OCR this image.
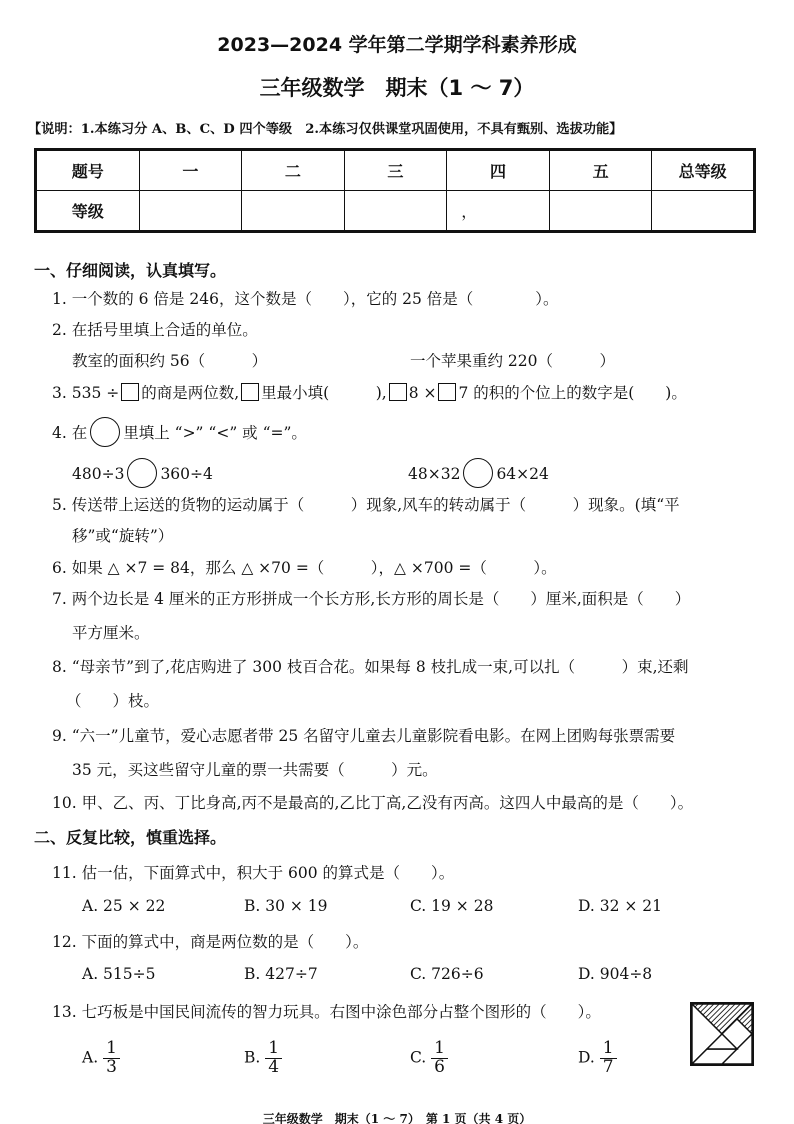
2023—2024 学年第二学期学科素养形成
三年级数学　期末（1 ～ 7）
【说明：1.本练习分 A、B、C、D 四个等级　2.本练习仅供课堂巩固使用，不具有甄别、选拔功能】
题号	一	二	三	四	五	总等级
等级				，		
一、仔细阅读，认真填写。
1. 一个数的 6 倍是 246，这个数是（　　），它的 25 倍是（　　　　）。
2. 在括号里填上合适的单位。
教室的面积约 56（　　　）	一个苹果重约 220（　　　）
3. 535 ÷ 的商是两位数, 里最小填(　　　), 8 × 7 的积的个位上的数字是(　　)。
4. 在 里填上 “>” “<” 或 “=”。
480÷3 360÷4	48×32 64×24
5. 传送带上运送的货物的运动属于（　　　）现象,风车的转动属于（　　　）现象。(填“平
移”或“旋转”）
6. 如果 △ ×7 = 84，那么 △ ×70 =（　　　），△ ×700 =（　　　）。
7. 两个边长是 4 厘米的正方形拼成一个长方形,长方形的周长是（　　）厘米,面积是（　　）
平方厘米。
8. “母亲节”到了,花店购进了 300 枝百合花。如果每 8 枝扎成一束,可以扎（　　　）束,还剩
（　　）枝。
9. “六一”儿童节，爱心志愿者带 25 名留守儿童去儿童影院看电影。在网上团购每张票需要
35 元，买这些留守儿童的票一共需要（　　　）元。
10. 甲、乙、丙、丁比身高,丙不是最高的,乙比丁高,乙没有丙高。这四人中最高的是（　　）。
二、反复比较，慎重选择。
11. 估一估，下面算式中，积大于 600 的算式是（　　）。
A. 25 × 22	B. 30 × 19	C. 19 × 28	D. 32 × 21
12. 下面的算式中，商是两位数的是（　　）。
A. 515÷5	B. 427÷7	C. 726÷6	D. 904÷8
13. 七巧板是中国民间流传的智力玩具。右图中涂色部分占整个图形的（　　）。
A. $\frac{1}{3}$	B. $\frac{1}{4}$	C. $\frac{1}{6}$	D. $\frac{1}{7}$
三年级数学　期末（1 ～ 7）　第 1 页（共 4 页）
